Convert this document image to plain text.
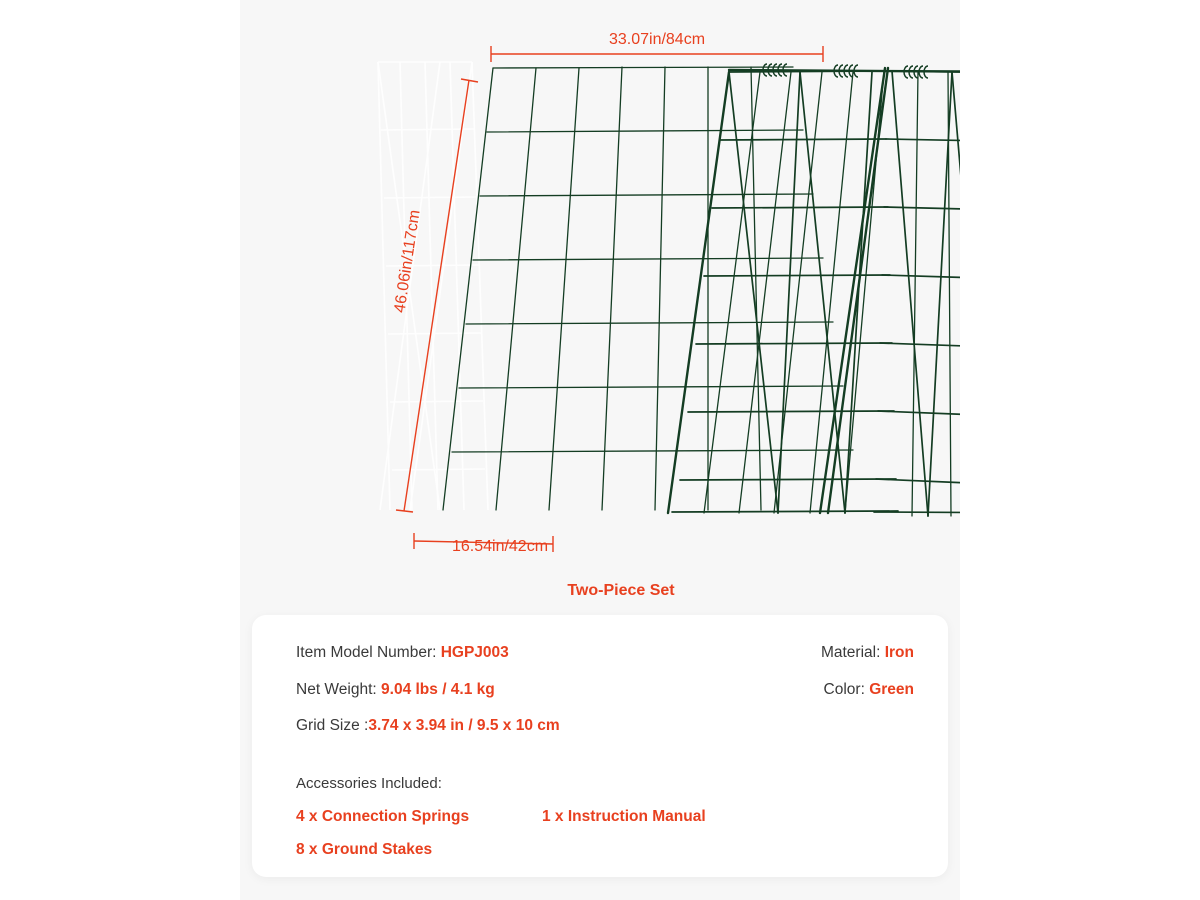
33.07in/84cm
46.06in/117cm
16.54in/42cm
Two-Piece Set
Item Model Number: HGPJ003
Net Weight: 9.04 lbs / 4.1 kg
Grid Size :3.74 x 3.94 in / 9.5 x 10 cm
Material: Iron
Color: Green
Accessories Included:
4 x Connection Springs	1 x Instruction Manual
8 x Ground Stakes
